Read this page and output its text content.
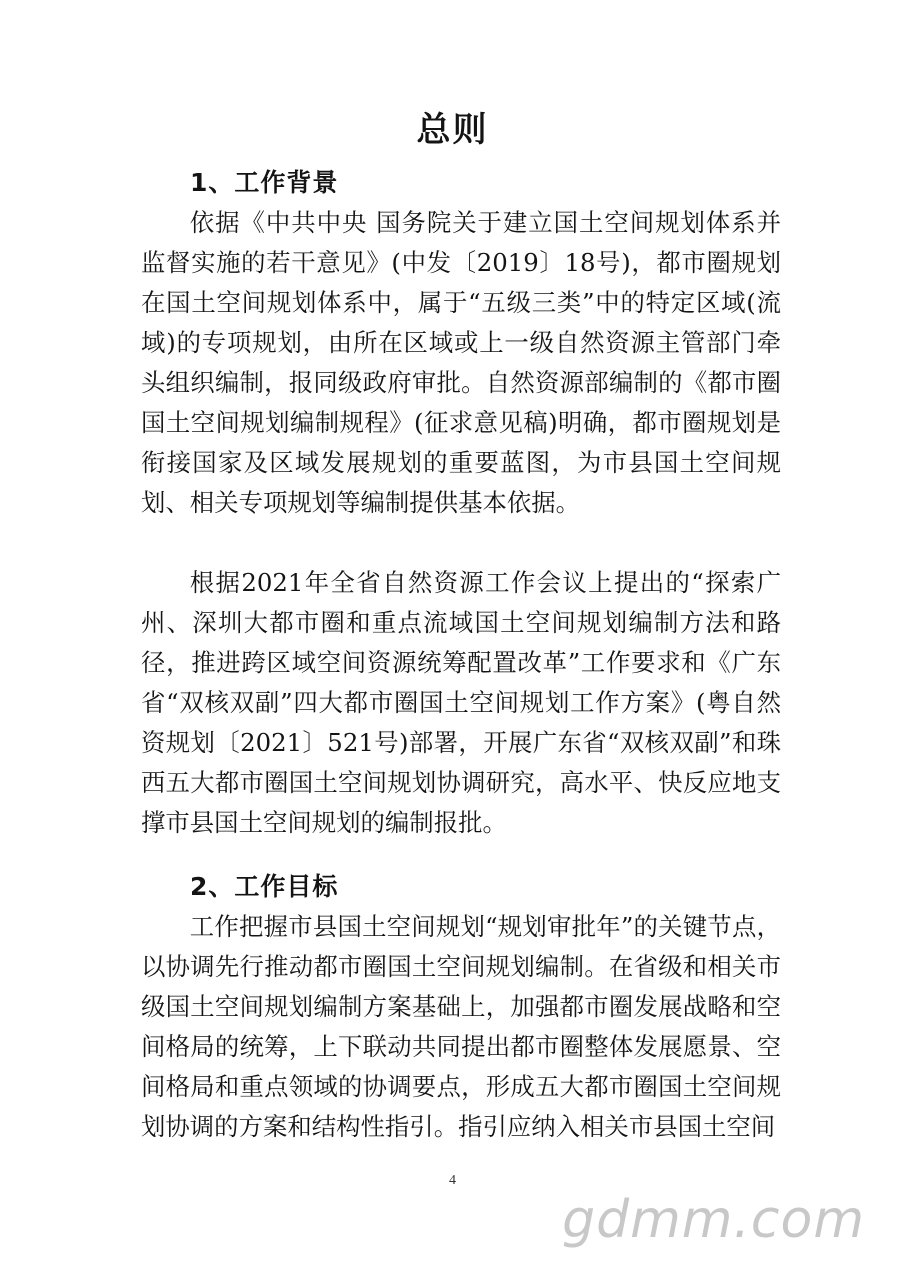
总则
1、工作背景

依据《中共中央 国务院关于建立国土空间规划体系并监督实施的若干意见》(中发〔2019〕18号)，都市圈规划在国土空间规划体系中，属于“五级三类”中的特定区域(流域)的专项规划，由所在区域或上一级自然资源主管部门牵头组织编制，报同级政府审批。自然资源部编制的《都市圈国土空间规划编制规程》(征求意见稿)明确，都市圈规划是衔接国家及区域发展规划的重要蓝图，为市县国土空间规划、相关专项规划等编制提供基本依据。

根据2021年全省自然资源工作会议上提出的“探索广州、深圳大都市圈和重点流域国土空间规划编制方法和路径，推进跨区域空间资源统筹配置改革”工作要求和《广东省“双核双副”四大都市圈国土空间规划工作方案》(粤自然资规划〔2021〕521号)部署，开展广东省“双核双副”和珠西五大都市圈国土空间规划协调研究，高水平、快反应地支撑市县国土空间规划的编制报批。

2、工作目标

工作把握市县国土空间规划“规划审批年”的关键节点，以协调先行推动都市圈国土空间规划编制。在省级和相关市级国土空间规划编制方案基础上，加强都市圈发展战略和空间格局的统筹，上下联动共同提出都市圈整体发展愿景、空间格局和重点领域的协调要点，形成五大都市圈国土空间规划协调的方案和结构性指引。指引应纳入相关市县国土空间

4
gdmm.com
